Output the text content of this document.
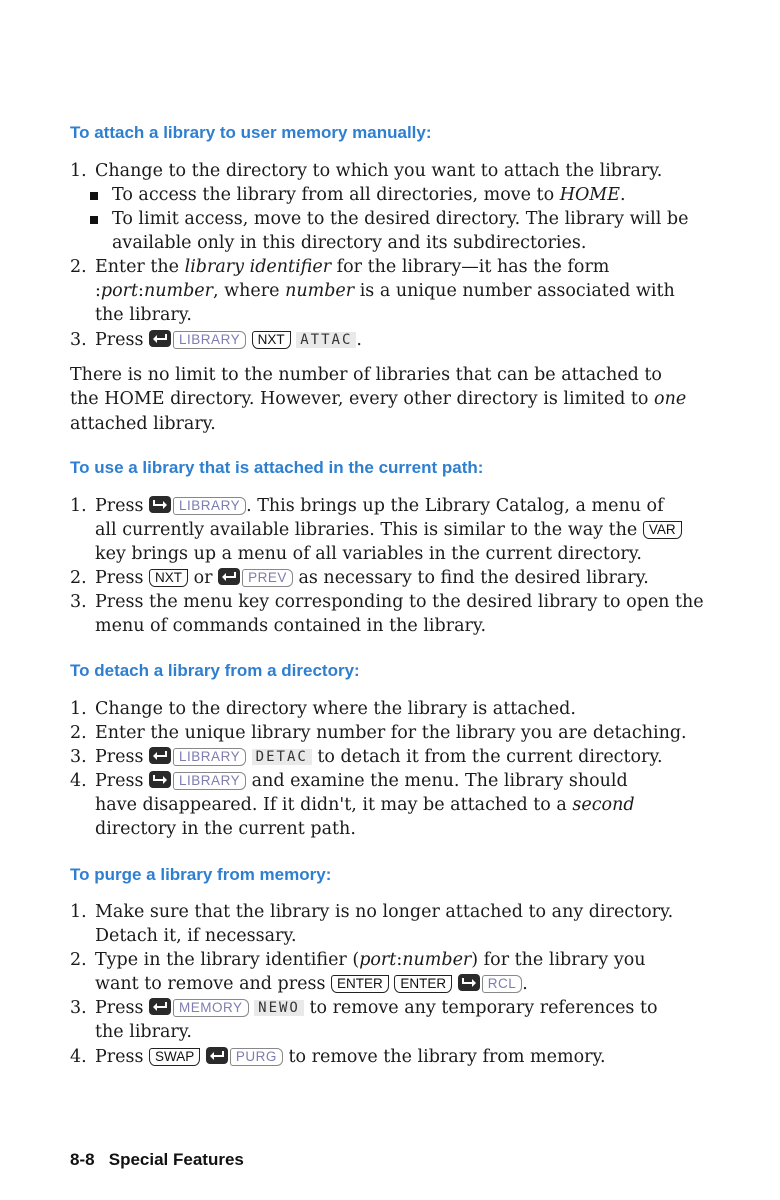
To attach a library to user memory manually:
1. Change to the directory to which you want to attach the library.
To access the library from all directories, move to HOME.
To limit access, move to the desired directory. The library will be
available only in this directory and its subdirectories.
2. Enter the library identifier for the library—it has the form
:port:number, where number is a unique number associated with
the library.
3. Press	LIBRARY NXT ATTAC .
There is no limit to the number of libraries that can be attached to
the HOME directory. However, every other directory is limited to one
attached library.
To use a library that is attached in the current path:
1. Press	LIBRARY . This brings up the Library Catalog, a menu of
all currently available libraries. This is similar to the way the VAR
key brings up a menu of all variables in the current directory.
2. Press NXT or	PREV as necessary to find the desired library.
3. Press the menu key corresponding to the desired library to open the
menu of commands contained in the library.
To detach a library from a directory:
1. Change to the directory where the library is attached.
2. Enter the unique library number for the library you are detaching.
3. Press	LIBRARY DETAC to detach it from the current directory.
4. Press	LIBRARY and examine the menu. The library should
have disappeared. If it didn't, it may be attached to a second
directory in the current path.
To purge a library from memory:
1. Make sure that the library is no longer attached to any directory.
Detach it, if necessary.
2. Type in the library identifier (port:number) for the library you
want to remove and press ENTER ENTER	RCL .
3. Press	MEMORY NEWO to remove any temporary references to
the library.
4. Press SWAP	PURG to remove the library from memory.
8-8 Special Features
